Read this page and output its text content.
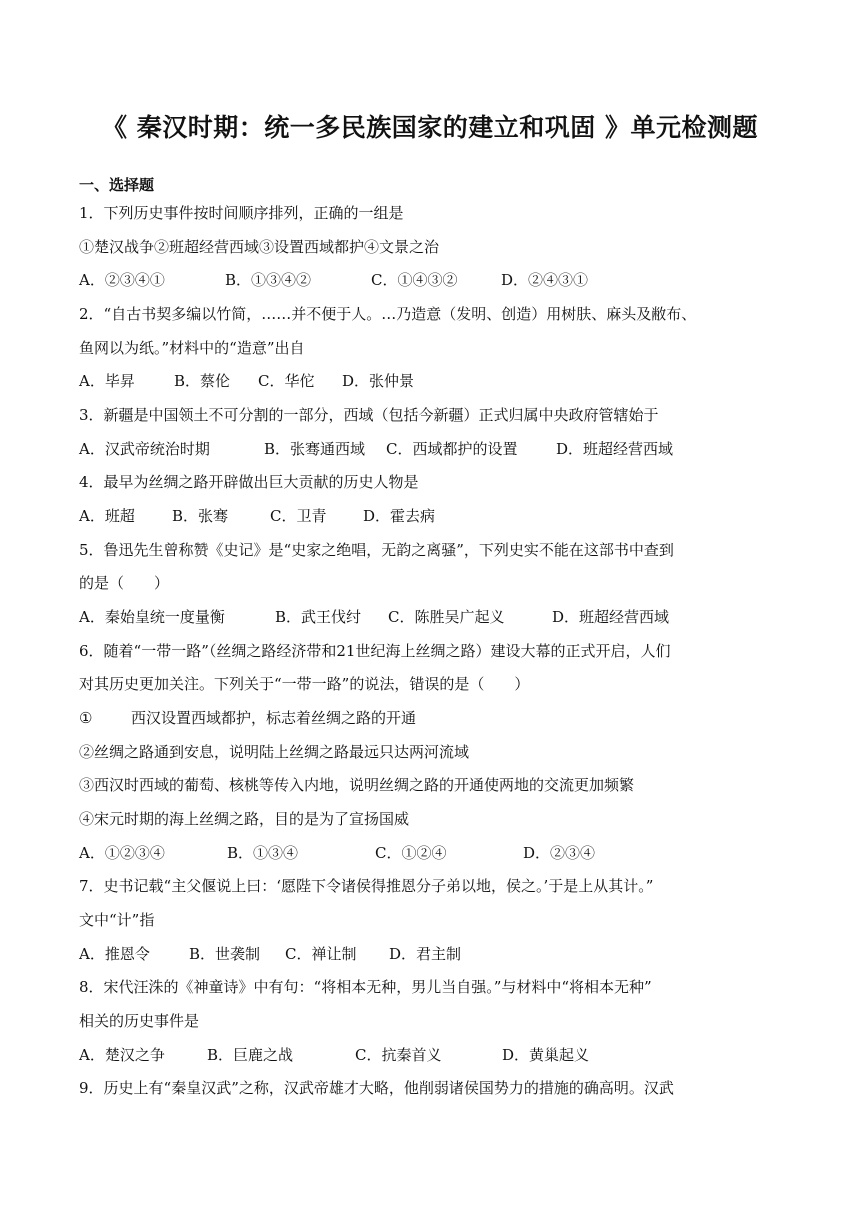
《 秦汉时期：统一多民族国家的建立和巩固 》单元检测题
一、选择题
1．下列历史事件按时间顺序排列，正确的一组是
①楚汉战争②班超经营西域③设置西域都护④文景之治
A．②③④①	B．①③④②	C．①④③②	D．②④③①
2．“自古书契多编以竹简，……并不便于人。…乃造意（发明、创造）用树肤、麻头及敝布、
鱼网以为纸。”材料中的“造意”出自
A．毕昇	B．蔡伦 C．华佗 D．张仲景
3．新疆是中国领土不可分割的一部分，西域（包括今新疆）正式归属中央政府管辖始于
A．汉武帝统治时期	B．张骞通西域 C．西域都护的设置	D．班超经营西域
4．最早为丝绸之路开辟做出巨大贡献的历史人物是
A．班超 B．张骞	C．卫青 D．霍去病
5．鲁迅先生曾称赞《史记》是“史家之绝唱，无韵之离骚”，下列史实不能在这部书中查到
的是（　　）
A．秦始皇统一度量衡	B．武王伐纣 C．陈胜吴广起义	D．班超经营西域
6．随着“一带一路”（丝绸之路经济带和21世纪海上丝绸之路）建设大幕的正式开启，人们
对其历史更加关注。下列关于“一带一路”的说法，错误的是（　　）
①	西汉设置西域都护，标志着丝绸之路的开通
②丝绸之路通到安息，说明陆上丝绸之路最远只达两河流域
③西汉时西域的葡萄、核桃等传入内地，说明丝绸之路的开通使两地的交流更加频繁
④宋元时期的海上丝绸之路，目的是为了宣扬国威
A．①②③④	B．①③④	C．①②④	D．②③④
7．史书记载“主父偃说上曰：‘愿陛下令诸侯得推恩分子弟以地，侯之。’于是上从其计。”
文中“计”指
A．推恩令	B．世袭制 C．禅让制 D．君主制
8．宋代汪洙的《神童诗》中有句：“将相本无种，男儿当自强。”与材料中“将相本无种”
相关的历史事件是
A．楚汉之争	B．巨鹿之战	C．抗秦首义	D．黄巢起义
9．历史上有“秦皇汉武”之称，汉武帝雄才大略，他削弱诸侯国势力的措施的确高明。汉武
